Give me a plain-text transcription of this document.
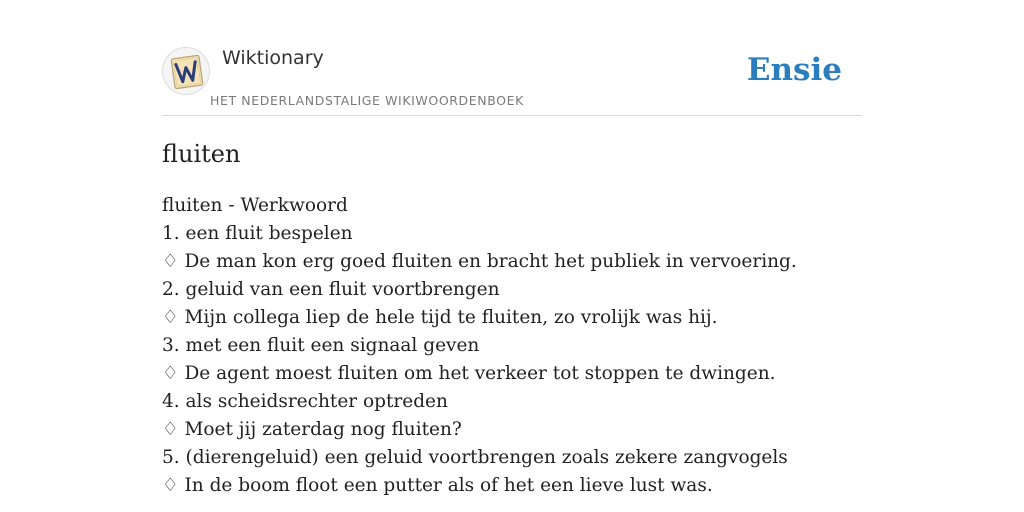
Wiktionary
HET NEDERLANDSTALIGE WIKIWOORDENBOEK
Ensie
fluiten
fluiten - Werkwoord
1. een fluit bespelen
♢ De man kon erg goed fluiten en bracht het publiek in vervoering.
2. geluid van een fluit voortbrengen
♢ Mijn collega liep de hele tijd te fluiten, zo vrolijk was hij.
3. met een fluit een signaal geven
♢ De agent moest fluiten om het verkeer tot stoppen te dwingen.
4. als scheidsrechter optreden
♢ Moet jij zaterdag nog fluiten?
5. (dierengeluid) een geluid voortbrengen zoals zekere zangvogels
♢ In de boom floot een putter als of het een lieve lust was.
